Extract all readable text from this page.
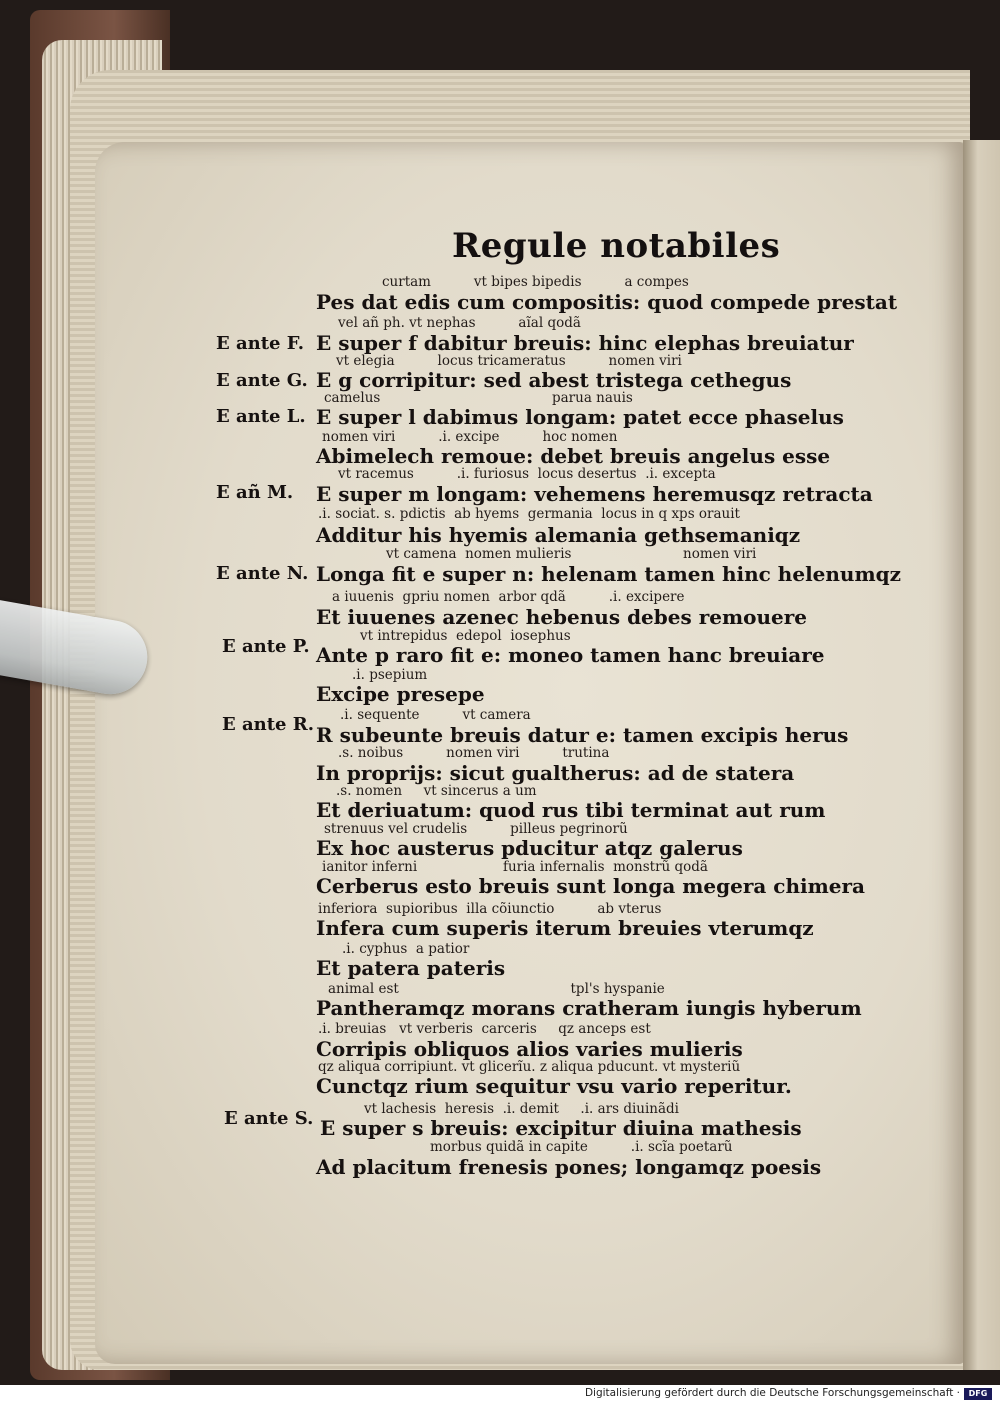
Regule notabiles
E ante F.
E ante G.
E ante L.
E añ M.
E ante N.
E ante P.
E ante R.
E ante S.
curtam          vt bipes bipedis          a compes
Pes dat edis cum compositis: quod compede prestat
vel añ ph. vt nephas          aĩal qodã
E super f dabitur breuis: hinc elephas breuiatur
vt elegia          locus tricameratus          nomen viri
E g corripitur: sed abest tristega cethegus
camelus                                        parua nauis
E super l dabimus longam: patet ecce phaselus
nomen viri          .i. excipe          hoc nomen
Abimelech remoue: debet breuis angelus esse
vt racemus          .i. furiosus  locus desertus  .i. excepta
E super m longam: vehemens heremusqz retracta
.i. sociat. s. pdictis  ab hyems  germania  locus in q xps orauit
Additur his hyemis alemania gethsemaniqz
vt camena  nomen mulieris                          nomen viri
Longa fit e super n: helenam tamen hinc helenumqz
a iuuenis  gpriu nomen  arbor qdã          .i. excipere
Et iuuenes azenec hebenus debes remouere
vt intrepidus  edepol  iosephus
Ante p raro fit e: moneo tamen hanc breuiare
.i. psepium
Excipe presepe
.i. sequente          vt camera
R subeunte breuis datur e: tamen excipis herus
.s. noibus          nomen viri          trutina
In proprijs: sicut gualtherus: ad de statera
.s. nomen     vt sincerus a um
Et deriuatum: quod rus tibi terminat aut rum
strenuus vel crudelis          pilleus pegrinorũ
Ex hoc austerus pducitur atqz galerus
ianitor inferni                    furia infernalis  monstrũ qodã
Cerberus esto breuis sunt longa megera chimera
inferiora  supioribus  illa cõiunctio          ab vterus
Infera cum superis iterum breuies vterumqz
.i. cyphus  a patior
Et patera pateris
animal est                                        tpl's hyspanie
Pantheramqz morans cratheram iungis hyberum
.i. breuias   vt verberis  carceris     qz anceps est
Corripis obliquos alios varies mulieris
qz aliqua corripiunt. vt glicerĩu. z aliqua pducunt. vt mysteriũ
Cunctqz rium sequitur vsu vario reperitur.
vt lachesis  heresis  .i. demit     .i. ars diuinãdi
E super s breuis: excipitur diuina mathesis
morbus quidã in capite          .i. scĩa poetarũ
Ad placitum frenesis pones; longamqz poesis
Digitalisierung gefördert durch die Deutsche Forschungsgemeinschaft ·	DFG
